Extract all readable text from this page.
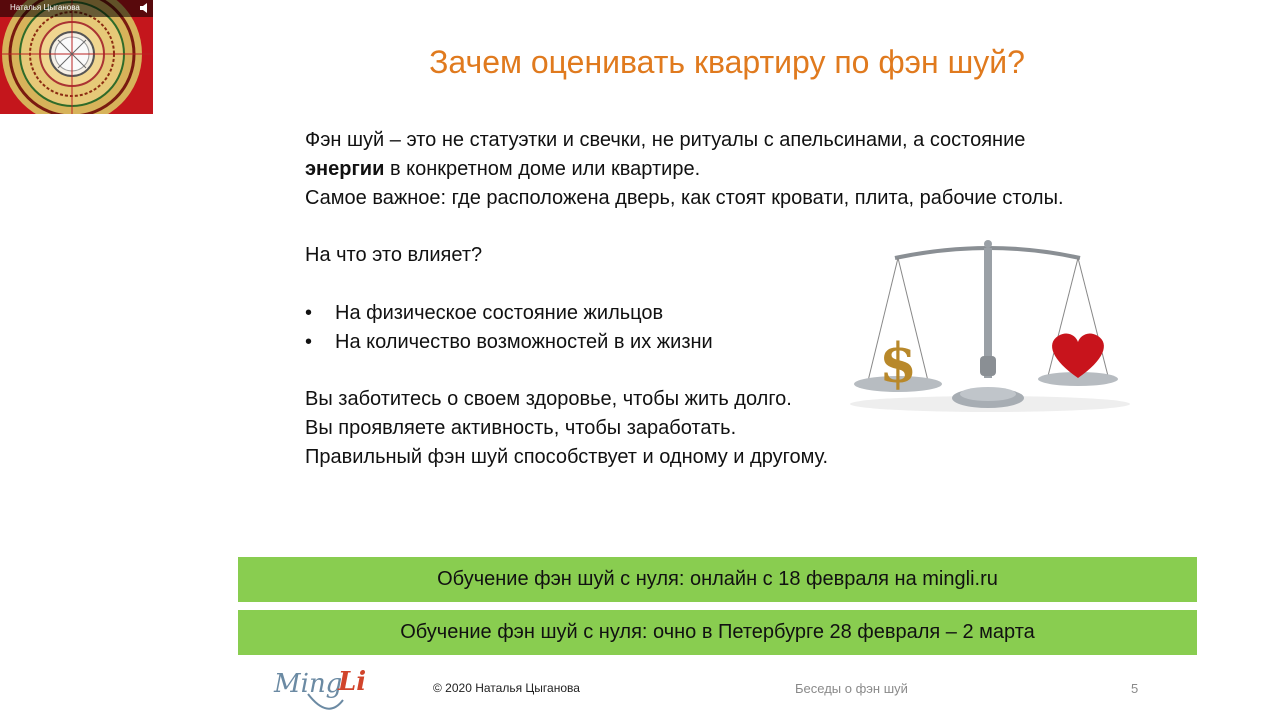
Наталья Цыганова
Зачем оценивать квартиру по фэн шуй?

Фэн шуй – это не статуэтки и свечки, не ритуалы с апельсинами, а состояние
энергии в конкретном доме или квартире.

Самое важное: где расположена дверь, как стоят кровати, плита, рабочие столы.

На что это влияет?

• На физическое состояние жильцов

• На количество возможностей в их жизни

Вы заботитесь о своем здоровье, чтобы жить долго.

Вы проявляете активность, чтобы заработать.

Правильный фэн шуй способствует и одному и другому.

$
Обучение фэн шуй с нуля: онлайн с 18 февраля на mingli.ru
Обучение фэн шуй с нуля: очно в Петербурге 28 февраля – 2 марта
Ming
Li	© 2020 Наталья Цыганова	Беседы о фэн шуй	5
